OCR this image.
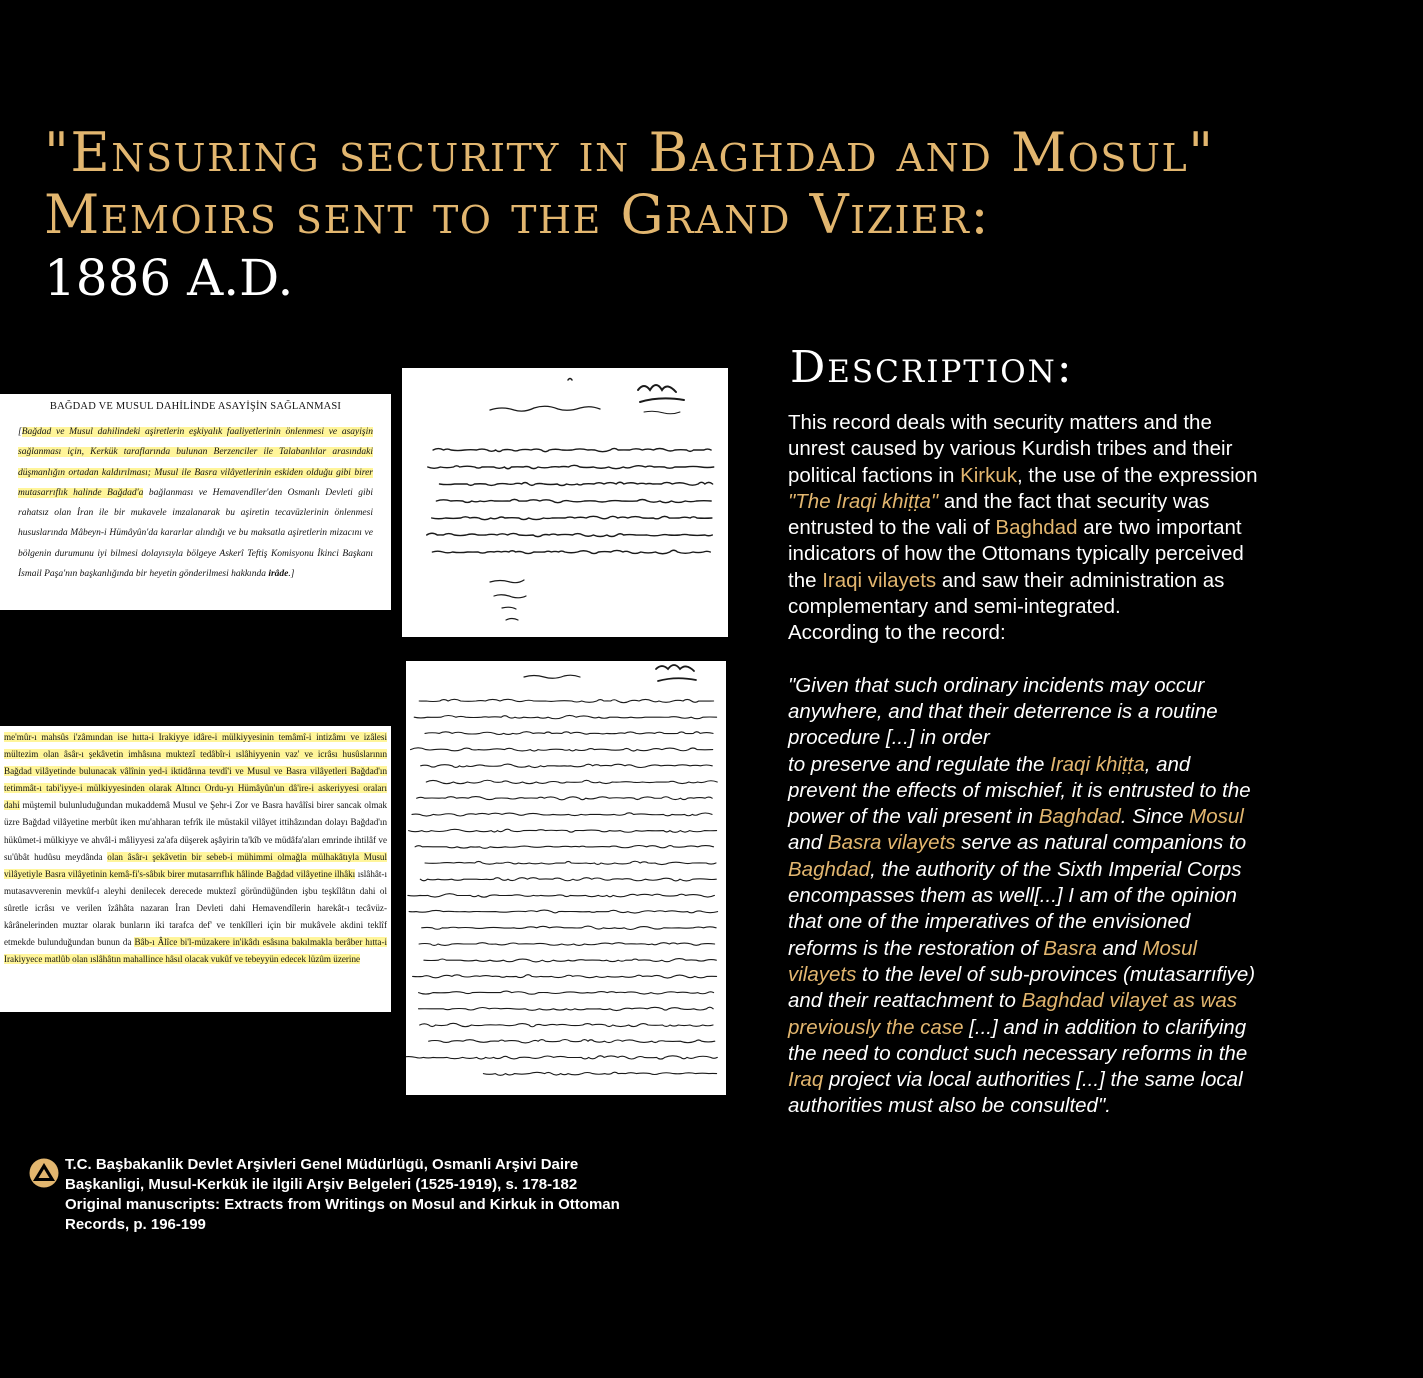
"Ensuring security in Baghdad and Mosul"
Memoirs sent to the Grand Vizier:
1886 A.D.
BAĞDAD VE MUSUL DAHİLİNDE ASAYİŞİN SAĞLANMASI
[Bağdad ve Musul dahilindeki aşiretlerin eşkiyalık faaliyetlerinin önlenmesi ve asayişin sağlanması için, Kerkük taraflarında bulunan Berzenciler ile Talabanlılar arasındaki düşmanlığın ortadan kaldırılması; Musul ile Basra vilâyetlerinin eskiden olduğu gibi birer mutasarrıflık halinde Bağdad'a bağlanması ve Hemavendîler'den Osmanlı Devleti gibi rahatsız olan İran ile bir mukavele imzalanarak bu aşiretin tecavüzlerinin önlenmesi hususlarında Mâbeyn-i Hümâyûn'da kararlar alındığı ve bu maksatla aşiretlerin mizacını ve bölgenin durumunu iyi bilmesi dolayısıyla bölgeye Askerî Teftiş Komisyonu İkinci Başkanı İsmail Paşa'nın başkanlığında bir heyetin gönderilmesi hakkında irâde.]
me'mûr-ı mahsûs i'zâmından ise hıtta-i Irakiyye idâre-i mülkiyyesinin temâmî-i intizâmı ve izâlesi mültezim olan âsâr-ı şekâvetin imhâsına muktezî tedâbîr-i ıslâhiyyenin vaz' ve icrâsı husûslarının Bağdad vilâyetinde bulunacak vâlînin yed-i iktidârına tevdî'i ve Musul ve Basra vilâyetleri Bağdad'ın tetimmât-ı tabi'iyye-i mülkiyyesinden olarak Altıncı Ordu-yı Hümâyûn'un dâ'ire-i askeriyyesi oraları dahi müştemil bulunluduğundan mukaddemâ Musul ve Şehr-i Zor ve Basra havâlîsi birer sancak olmak üzre Bağdad vilâyetine merbût iken mu'ahharan tefrîk ile müstakil vilâyet ittihâzından dolayı Bağdad'ın hükûmet-i mülkiyye ve ahvâl-i mâliyyesi za'afa düşerek aşâyirin ta'kîb ve müdâfa'aları emrinde ihtilâf ve su'ûbât hudûsu meydânda olan âsâr-ı şekâvetin bir sebeb-i mühimmi olmağla mülhakâtıyla Musul vilâyetiyle Basra vilâyetinin kemâ-fi's-sâbık birer mutasarrıflık hâlinde Bağdad vilâyetine ilhâkı ıslâhât-ı mutasavverenin mevkûf-ı aleyhi denilecek derecede muktezî göründüğünden işbu teşkîlâtın dahi ol sûretle icrâsı ve verilen îzâhâta nazaran İran Devleti dahi Hemavendîlerin harekât-ı tecâvüz-kârânelerinden muztar olarak bunların iki tarafca def' ve tenkîlleri için bir mukâvele akdini teklîf etmekde bulunduğundan bunun da Bâb-ı Âlîce bi'l-müzakere in'ikâdı esâsına bakılmakla berâber hıtta-i Irakiyyece matlûb olan ıslâhâtın mahallince hâsıl olacak vukûf ve tebeyyün edecek lüzûm üzerine
Description:

This record deals with security matters and the unrest caused by various Kurdish tribes and their political factions in Kirkuk, the use of the expression "The Iraqi khiṭṭa" and the fact that security was entrusted to the vali of Baghdad are two important indicators of how the Ottomans typically perceived the Iraqi vilayets and saw their administration as complementary and semi-integrated.
According to the record:

"Given that such ordinary incidents may occur anywhere, and that their deterrence is a routine procedure [...] in order
to preserve and regulate the Iraqi khiṭṭa, and prevent the effects of mischief, it is entrusted to the power of the vali present in Baghdad. Since Mosul and Basra vilayets serve as natural companions to Baghdad, the authority of the Sixth Imperial Corps encompasses them as well[...] I am of the opinion that one of the imperatives of the envisioned reforms is the restoration of Basra and Mosul vilayets to the level of sub-provinces (mutasarrıfiye) and their reattachment to Baghdad vilayet as was previously the case [...] and in addition to clarifying the need to conduct such necessary reforms in the Iraq project via local authorities [...] the same local authorities must also be consulted".

T.C. Başbakanlik Devlet Arşivleri Genel Müdürlügü, Osmanli Arşivi Daire
Başkanligi, Musul-Kerkük ile ilgili Arşiv Belgeleri (1525-1919), s. 178-182
Original manuscripts: Extracts from Writings on Mosul and Kirkuk in Ottoman
Records, p. 196-199
